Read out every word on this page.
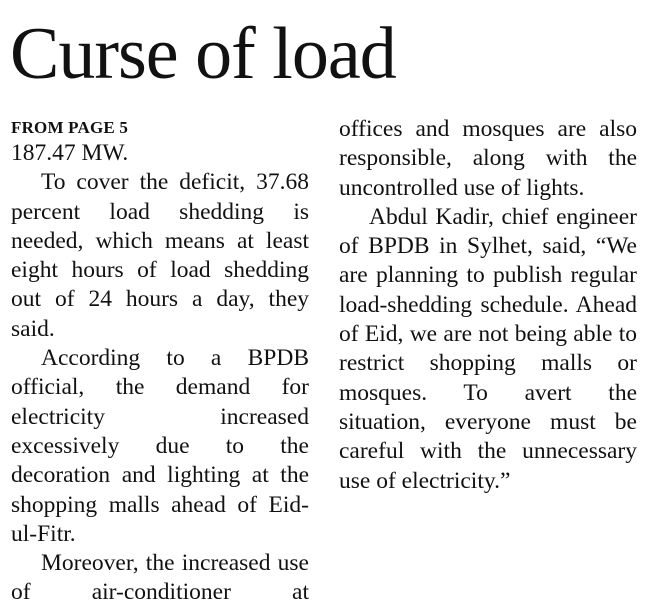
Curse of load
FROM PAGE 5

187.47 MW.

To cover the deficit, 37.68 percent load shedding is needed, which means at least eight hours of load shedding out of 24 hours a day, they said.

According to a BPDB official, the demand for electricity increased excessively due to the decoration and lighting at the shopping malls ahead of Eid-ul-Fitr.

Moreover, the increased use of air-conditioner at

offices and mosques are also responsible, along with the uncontrolled use of lights.

Abdul Kadir, chief engineer of BPDB in Sylhet, said, “We are planning to publish regular load-shedding schedule. Ahead of Eid, we are not being able to restrict shopping malls or mosques. To avert the situation, everyone must be careful with the unnecessary use of electricity.”
